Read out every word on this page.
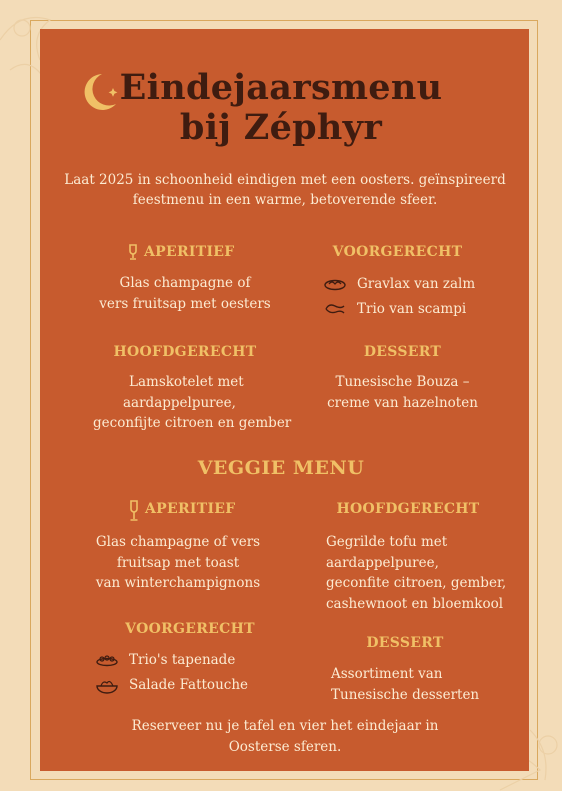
Eindejaarsmenu
bij Zéphyr
Laat 2025 in schoonheid eindigen met een oosters. geïnspireerd feestmenu in een warme, betoverende sfeer.
APERITIEF
Glas champagne of
vers fruitsap met oesters
VOORGERECHT
Gravlax van zalm
Trio van scampi
HOOFDGERECHT
Lamskotelet met
aardappelpuree,
geconfijte citroen en gember
DESSERT
Tunesische Bouza –
creme van hazelnoten
VEGGIE MENU
APERITIEF
Glas champagne of vers
fruitsap met toast
van winterchampignons
HOOFDGERECHT
Gegrilde tofu met
aardappelpuree,
geconfite citroen, gember,
cashewnoot en bloemkool
VOORGERECHT
Trio's tapenade
Salade Fattouche
DESSERT
Assortiment van
Tunesische desserten
Reserveer nu je tafel en vier het eindejaar in
Oosterse sferen.
